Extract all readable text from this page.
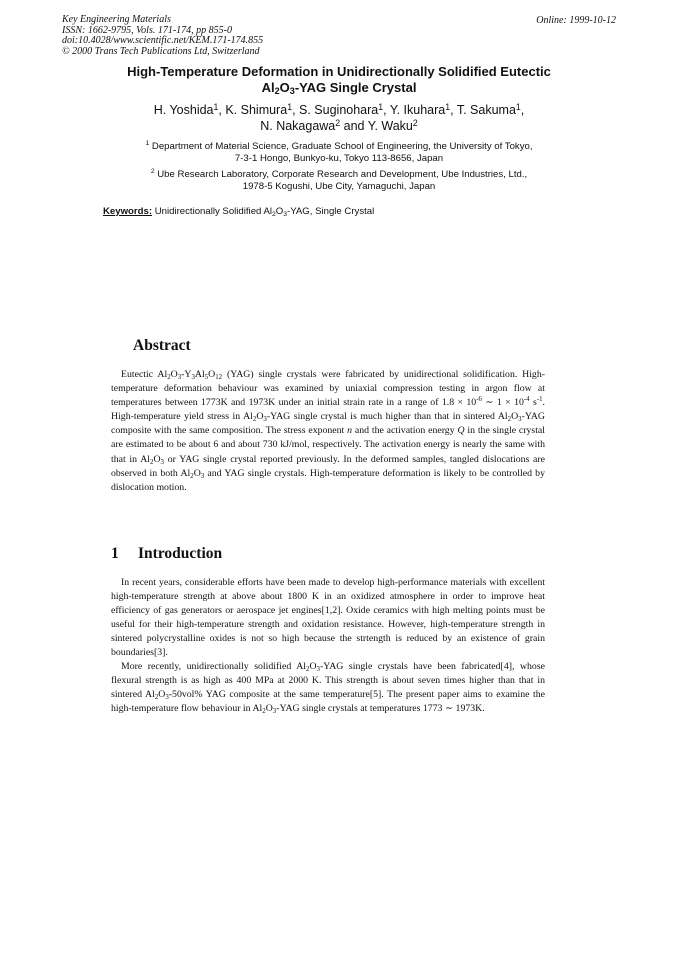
Key Engineering Materials
ISSN: 1662-9795, Vols. 171-174, pp 855-0
doi:10.4028/www.scientific.net/KEM.171-174.855
© 2000 Trans Tech Publications Ltd, Switzerland
Online: 1999-10-12
High-Temperature Deformation in Unidirectionally Solidified Eutectic
$Al_2O_3$-YAG Single Crystal
H. Yoshida$^1$, K. Shimura$^1$, S. Suginohara$^1$, Y. Ikuhara$^1$, T. Sakuma$^1$,
N. Nakagawa$^2$ and Y. Waku$^2$
$^1$ Department of Material Science, Graduate School of Engineering, the University of Tokyo,
7-3-1 Hongo, Bunkyo-ku, Tokyo 113-8656, Japan
$^2$ Ube Research Laboratory, Corporate Research and Development, Ube Industries, Ltd.,
1978-5 Kogushi, Ube City, Yamaguchi, Japan
Keywords: Unidirectionally Solidified $Al_2O_3$-YAG, Single Crystal
Abstract

Eutectic $Al_2O_3-Y_3Al_5O_{12}$ (YAG) single crystals were fabricated by unidirectional solidification. High-temperature deformation behaviour was examined by uniaxial compression testing in argon flow at temperatures between 1773K and 1973K under an initial strain rate in a range of $1.8 \times 10^{-6}$ ∼ $1 \times 10^{-4}$ $s^{-1}$. High-temperature yield stress in $Al_2O_3$-YAG single crystal is much higher than that in sintered $Al_2O_3$-YAG composite with the same composition. The stress exponent n and the activation energy Q in the single crystal are estimated to be about 6 and about 730 kJ/mol, respectively. The activation energy is nearly the same with that in $Al_2O_3$ or YAG single crystal reported previously. In the deformed samples, tangled dislocations are observed in both $Al_2O_3$ and YAG single crystals. High-temperature deformation is likely to be controlled by dislocation motion.

1 Introduction

In recent years, considerable efforts have been made to develop high-performance materials with excellent high-temperature strength at above about 1800 K in an oxidized atmosphere in order to improve heat efficiency of gas generators or aerospace jet engines[1,2]. Oxide ceramics with high melting points must be useful for their high-temperature strength and oxidation resistance. However, high-temperature strength in sintered polycrystalline oxides is not so high because the strtength is reduced by an existence of grain boundaries[3].

More recently, unidirectionally solidified $Al_2O_3$-YAG single crystals have been fabricated[4], whose flexural strength is as high as 400 MPa at 2000 K. This strength is about seven times higher than that in sintered $Al_2O_3-50vol\%$ YAG composite at the same temperature[5]. The present paper aims to examine the high-temperature flow behaviour in $Al_2O_3$-YAG single crystals at temperatures 1773 ∼ 1973K.
